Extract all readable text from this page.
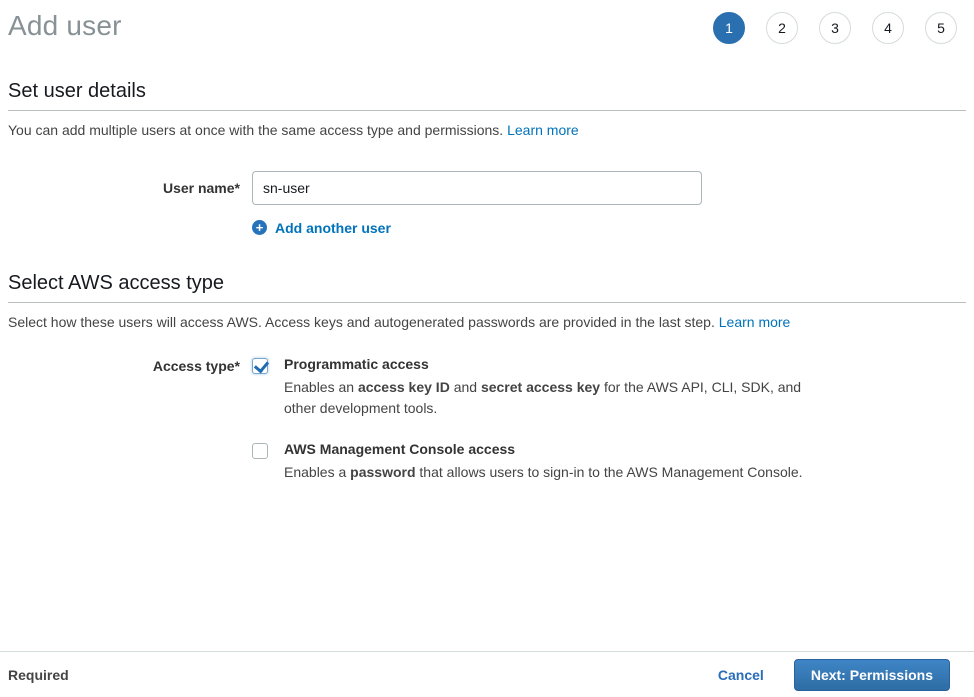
Add user	1	2	3	4	5
Set user details

You can add multiple users at once with the same access type and permissions. Learn more

User name*
sn-user
+ Add another user
Select AWS access type

Select how these users will access AWS. Access keys and autogenerated passwords are provided in the last step. Learn more

Access type*	Programmatic access
Enables an access key ID and secret access key for the AWS API, CLI, SDK, and other development tools.
AWS Management Console access
Enables a password that allows users to sign-in to the AWS Management Console.
Required	Cancel	Next: Permissions
